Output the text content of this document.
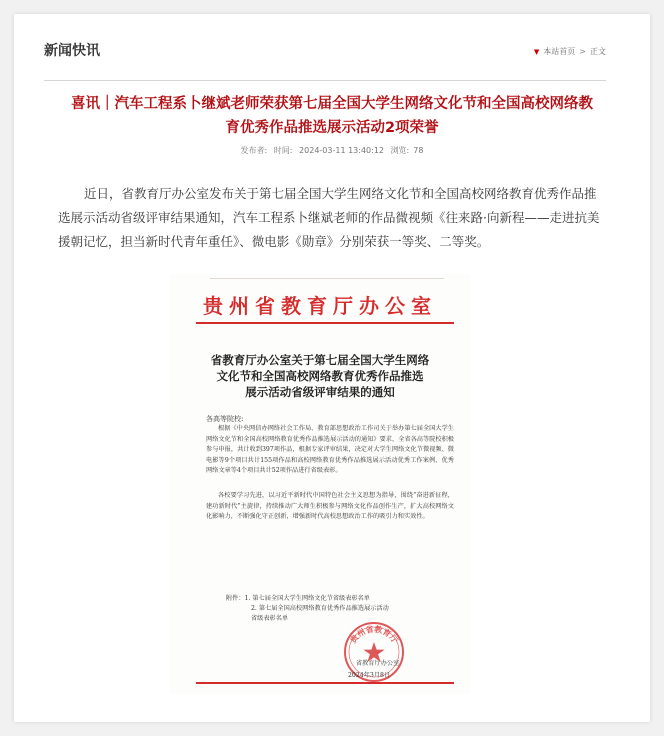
新闻快讯	▼ 本站首页 > 正文
喜讯｜汽车工程系卜继斌老师荣获第七届全国大学生网络文化节和全国高校网络教
育优秀作品推选展示活动2项荣誉
发布者: 时间: 2024-03-11 13:40:12 浏览: 78
近日，省教育厅办公室发布关于第七届全国大学生网络文化节和全国高校网络教育优秀作品推选展示活动省级评审结果通知，汽车工程系卜继斌老师的作品微视频《往来路·向新程——走进抗美援朝记忆，担当新时代青年重任》、微电影《勋章》分别荣获一等奖、二等奖。
贵州省教育厅办公室
省教育厅办公室关于第七届全国大学生网络
文化节和全国高校网络教育优秀作品推选
展示活动省级评审结果的通知
各高等院校:
根据《中央网信办网络社会工作局、教育部思想政治工作司关于举办第七届全国大学生网络文化节和全国高校网络教育优秀作品推选展示活动的通知》要求，全省各高等院校积极参与申报，共计收到397项作品，根据专家评审结果，决定对大学生网络文化节微视频、微电影等9个项目共计155项作品和高校网络教育优秀作品推选展示活动优秀工作案例、优秀网络文章等4个项目共计52项作品进行省级表彰。
各校要学习先进，以习近平新时代中国特色社会主义思想为指导，围绕“奋进新征程，建功新时代”主旋律，持续推动广大师生积极参与网络文化作品创作生产，扩大高校网络文化影响力，不断强化守正创新，增强新时代高校思想政治工作的吸引力和实效性。
附件：1. 第七届全国大学生网络文化节省级表彰名单
2. 第七届全国高校网络教育优秀作品推选展示活动
省级表彰名单
贵州省教育厅
省教育厅办公室
2024年3月8日
